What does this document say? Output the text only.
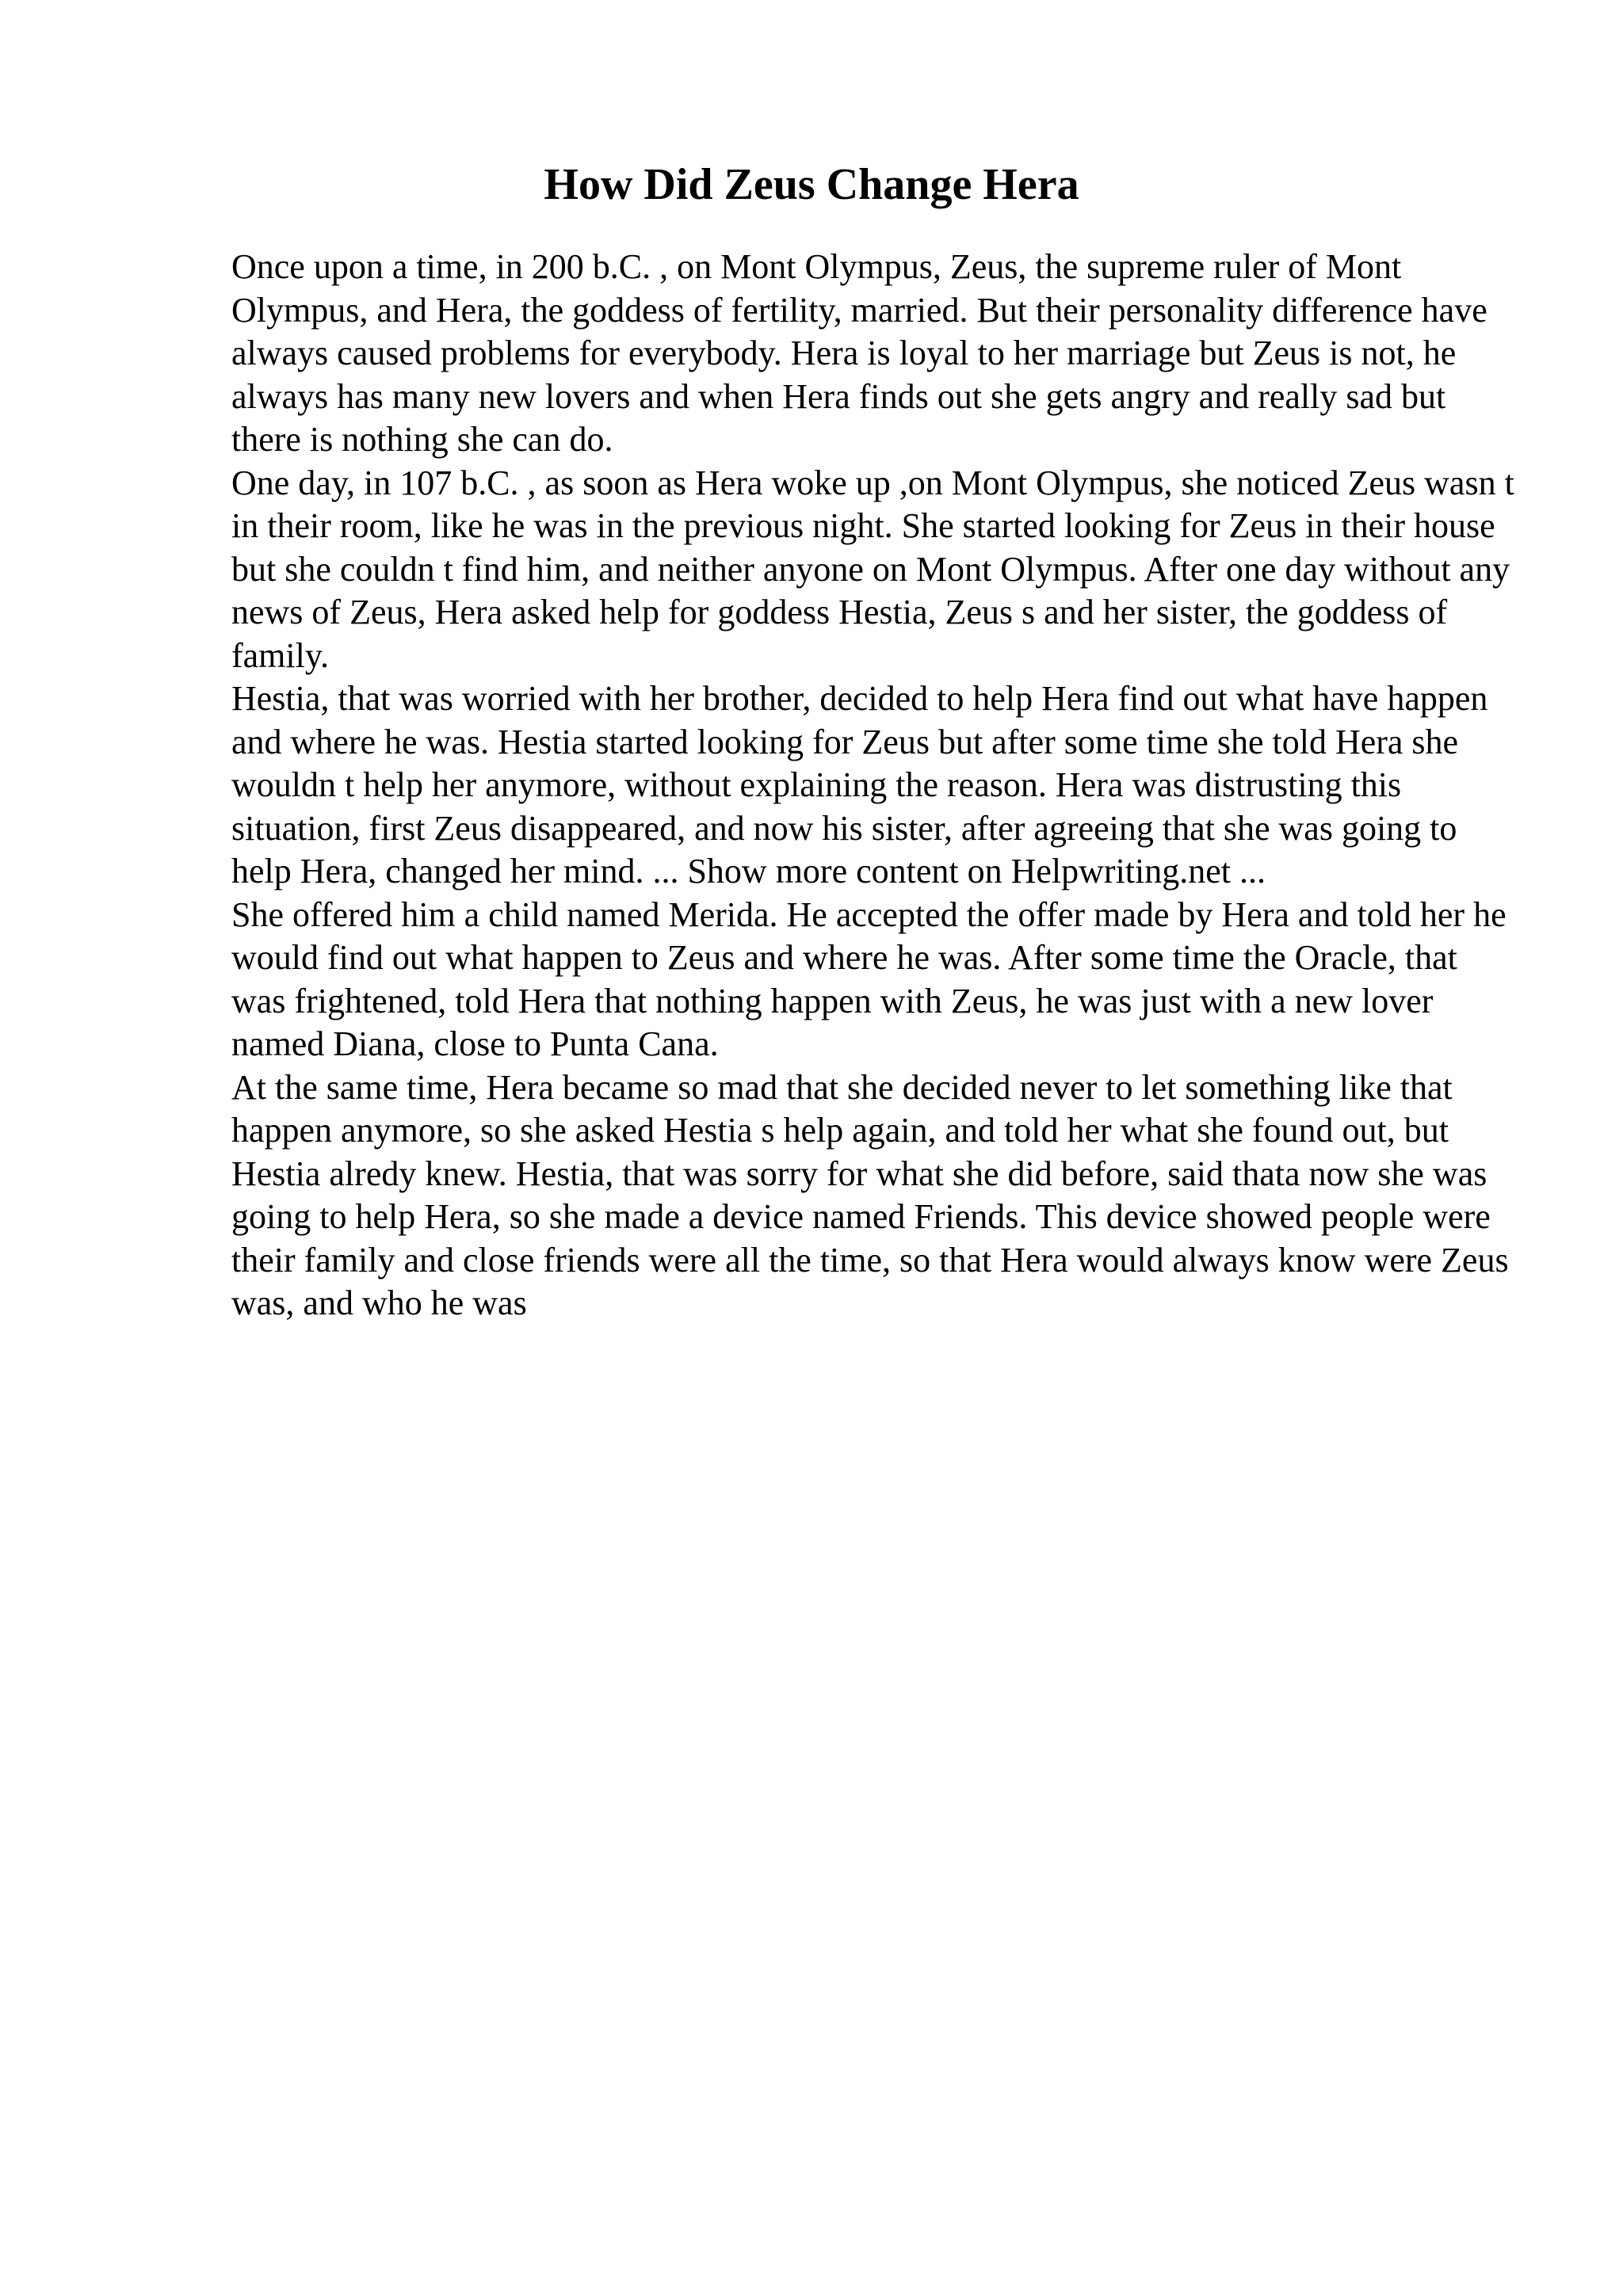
How Did Zeus Change Hera

Once upon a time, in 200 b.C. , on Mont Olympus, Zeus, the supreme ruler of Mont Olympus, and Hera, the goddess of fertility, married. But their personality difference have always caused problems for everybody. Hera is loyal to her marriage but Zeus is not, he always has many new lovers and when Hera finds out she gets angry and really sad but there is nothing she can do.

One day, in 107 b.C. , as soon as Hera woke up ,on Mont Olympus, she noticed Zeus wasn t in their room, like he was in the previous night. She started looking for Zeus in their house but she couldn t find him, and neither anyone on Mont Olympus. After one day without any news of Zeus, Hera asked help for goddess Hestia, Zeus s and her sister, the goddess of family.

Hestia, that was worried with her brother, decided to help Hera find out what have happen and where he was. Hestia started looking for Zeus but after some time she told Hera she wouldn t help her anymore, without explaining the reason. Hera was distrusting this situation, first Zeus disappeared, and now his sister, after agreeing that she was going to help Hera, changed her mind. ... Show more content on Helpwriting.net ...

She offered him a child named Merida. He accepted the offer made by Hera and told her he would find out what happen to Zeus and where he was. After some time the Oracle, that was frightened, told Hera that nothing happen with Zeus, he was just with a new lover named Diana, close to Punta Cana.

At the same time, Hera became so mad that she decided never to let something like that happen anymore, so she asked Hestia s help again, and told her what she found out, but Hestia alredy knew. Hestia, that was sorry for what she did before, said thata now she was going to help Hera, so she made a device named Friends. This device showed people were their family and close friends were all the time, so that Hera would always know were Zeus was, and who he was
